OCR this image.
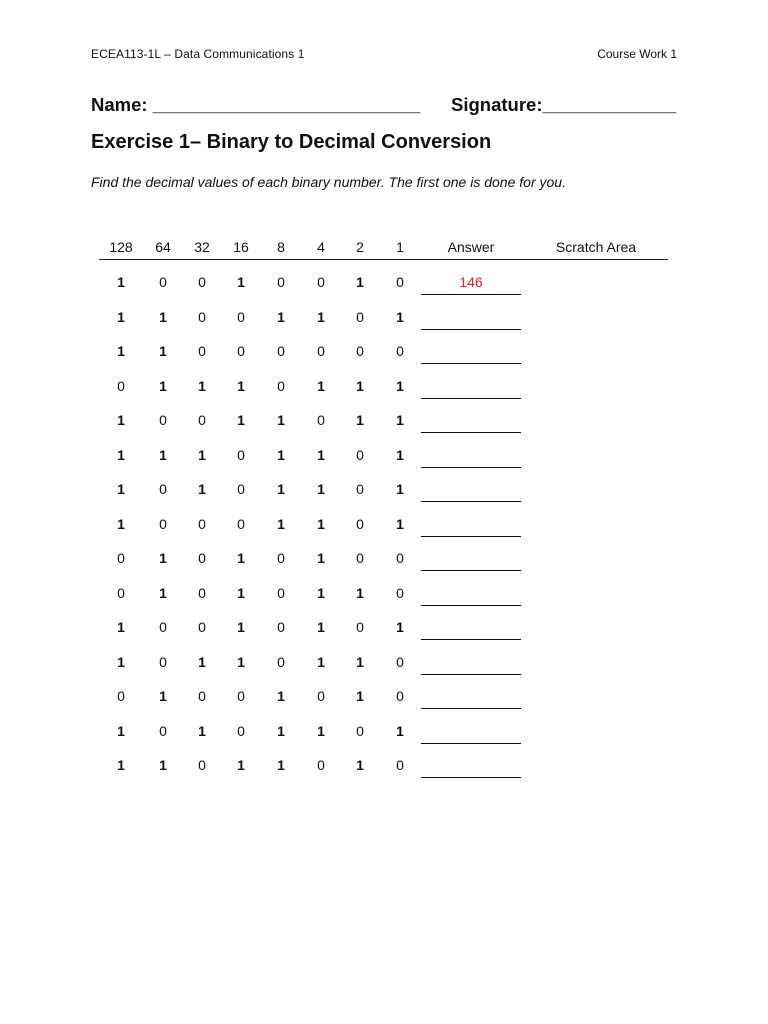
ECEA113-1L – Data Communications 1	Course Work 1
Name: __________________________ Signature:_____________
Exercise 1– Binary to Decimal Conversion
Find the decimal values of each binary number. The first one is done for you.
128 64 32 16 8 4 2 1	Answer	Scratch Area
1 0 0 1 0 0 1 0	146
1 1 0 0 1 1 0 1
1 1 0 0 0 0 0 0
0 1 1 1 0 1 1 1
1 0 0 1 1 0 1 1
1 1 1 0 1 1 0 1
1 0 1 0 1 1 0 1
1 0 0 0 1 1 0 1
0 1 0 1 0 1 0 0
0 1 0 1 0 1 1 0
1 0 0 1 0 1 0 1
1 0 1 1 0 1 1 0
0 1 0 0 1 0 1 0
1 0 1 0 1 1 0 1
1 1 0 1 1 0 1 0
